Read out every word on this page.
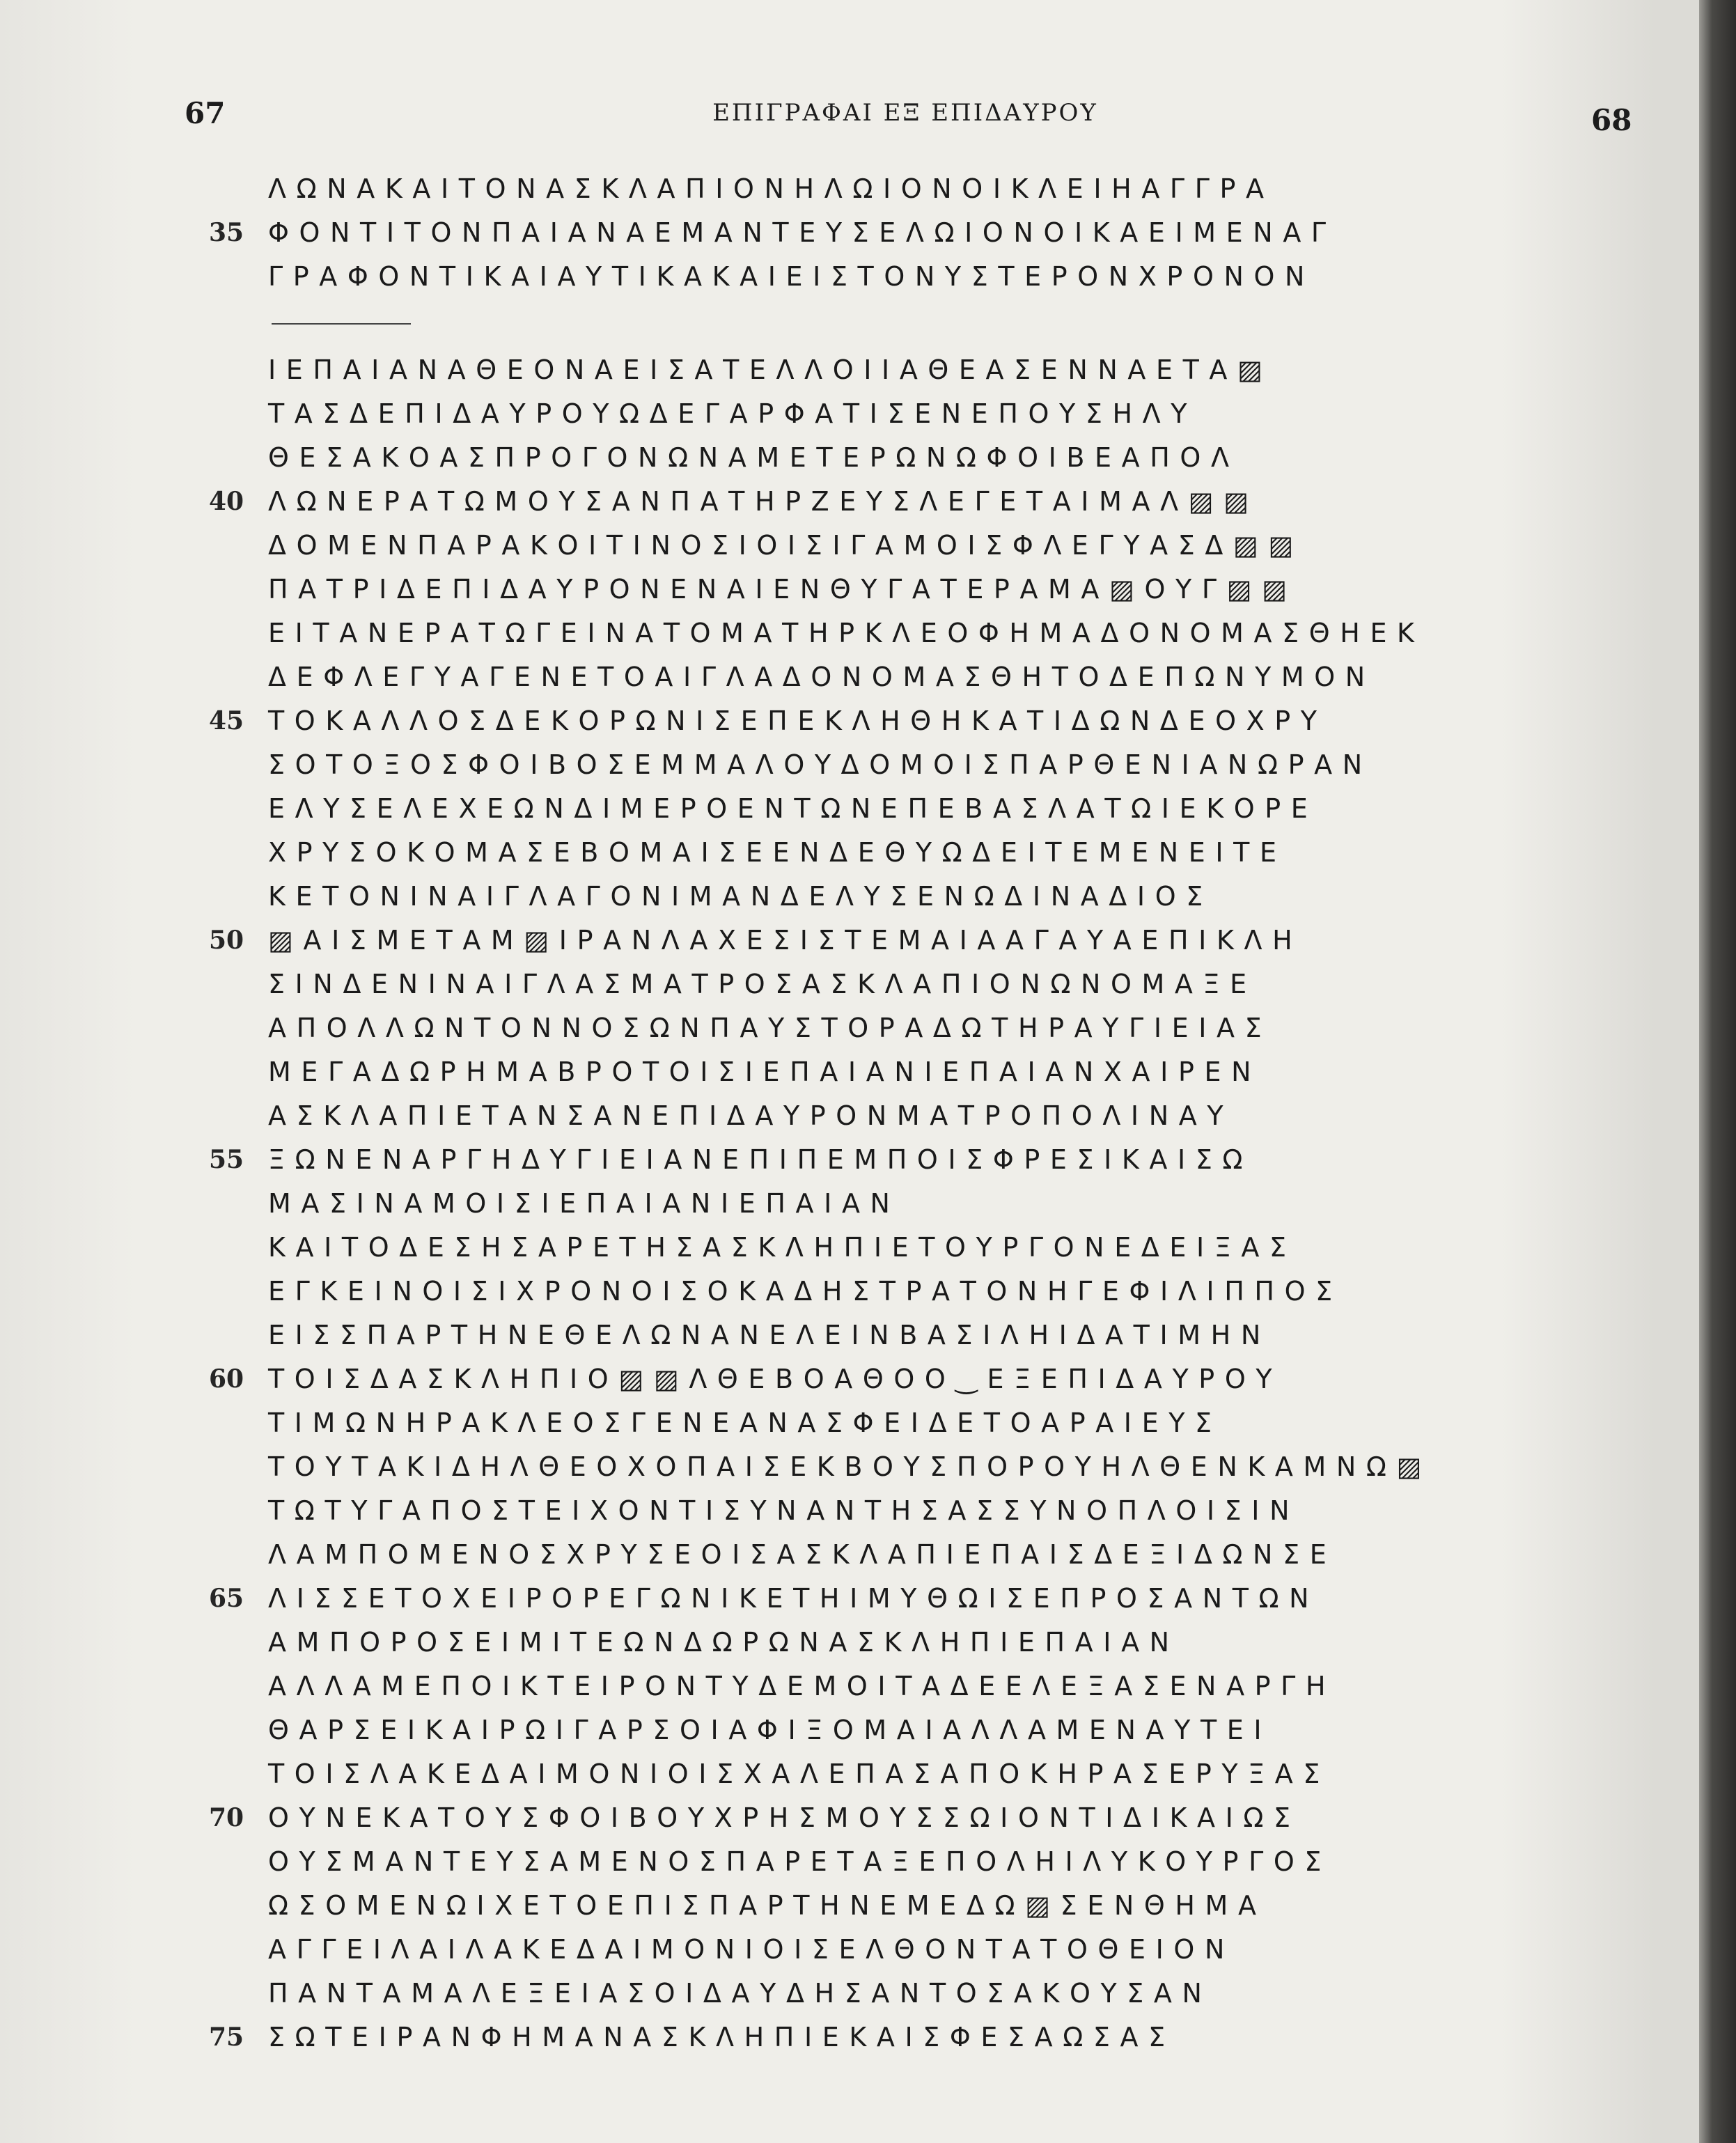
67	ΕΠΙΓΡΑΦΑΙ ΕΞ ΕΠΙΔΑΥΡΟΥ	68
ΛΩΝΑΚΑΙΤΟΝΑΣΚΛΑΠΙΟΝΗΛΩΙΟΝΟΙΚΛΕΙΗΑΓΓΡΑ
35 ΦΟΝΤΙΤΟΝΠΑΙΑΝΑΕΜΑΝΤΕΥΣΕΛΩΙΟΝΟΙΚΑΕΙΜΕΝΑΓ
ΓΡΑΦΟΝΤΙΚΑΙΑΥΤΙΚΑΚΑΙΕΙΣΤΟΝΥΣΤΕΡΟΝΧΡΟΝΟΝ
ΙΕΠΑΙΑΝΑΘΕΟΝΑΕΙΣΑΤΕΛΛΟΙΙΑΘΕΑΣΕΝΝΑΕΤΑ▨
ΤΑΣΔΕΠΙΔΑΥΡΟΥΩΔΕΓΑΡΦΑΤΙΣΕΝΕΠΟΥΣΗΛΥ
ΘΕΣΑΚΟΑΣΠΡΟΓΟΝΩΝΑΜΕΤΕΡΩΝΩΦΟΙΒΕΑΠΟΛ
40 ΛΩΝΕΡΑΤΩΜΟΥΣΑΝΠΑΤΗΡΖΕΥΣΛΕΓΕΤΑΙΜΑΛ▨▨
ΔΟΜΕΝΠΑΡΑΚΟΙΤΙΝΟΣΙΟΙΣΙΓΑΜΟΙΣΦΛΕΓΥΑΣΔ▨▨
ΠΑΤΡΙΔΕΠΙΔΑΥΡΟΝΕΝΑΙΕΝΘΥΓΑΤΕΡΑΜΑ▨ΟΥΓ▨▨
ΕΙΤΑΝΕΡΑΤΩΓΕΙΝΑΤΟΜΑΤΗΡΚΛΕΟΦΗΜΑΔΟΝΟΜΑΣΘΗΕΚ
ΔΕΦΛΕΓΥΑΓΕΝΕΤΟΑΙΓΛΑΔΟΝΟΜΑΣΘΗΤΟΔΕΠΩΝΥΜΟΝ
45 ΤΟΚΑΛΛΟΣΔΕΚΟΡΩΝΙΣΕΠΕΚΛΗΘΗΚΑΤΙΔΩΝΔΕΟΧΡΥ
ΣΟΤΟΞΟΣΦΟΙΒΟΣΕΜΜΑΛΟΥΔΟΜΟΙΣΠΑΡΘΕΝΙΑΝΩΡΑΝ
ΕΛΥΣΕΛΕΧΕΩΝΔΙΜΕΡΟΕΝΤΩΝΕΠΕΒΑΣΛΑΤΩΙΕΚΟΡΕ
ΧΡΥΣΟΚΟΜΑΣΕΒΟΜΑΙΣΕΕΝΔΕΘΥΩΔΕΙΤΕΜΕΝΕΙΤΕ
ΚΕΤΟΝΙΝΑΙΓΛΑΓΟΝΙΜΑΝΔΕΛΥΣΕΝΩΔΙΝΑΔΙΟΣ
50 ▨ΑΙΣΜΕΤΑΜ▨ΙΡΑΝΛΑΧΕΣΙΣΤΕΜΑΙΑΑΓΑΥΑΕΠΙΚΛΗ
ΣΙΝΔΕΝΙΝΑΙΓΛΑΣΜΑΤΡΟΣΑΣΚΛΑΠΙΟΝΩΝΟΜΑΞΕ
ΑΠΟΛΛΩΝΤΟΝΝΟΣΩΝΠΑΥΣΤΟΡΑΔΩΤΗΡΑΥΓΙΕΙΑΣ
ΜΕΓΑΔΩΡΗΜΑΒΡΟΤΟΙΣΙΕΠΑΙΑΝΙΕΠΑΙΑΝΧΑΙΡΕΝ
ΑΣΚΛΑΠΙΕΤΑΝΣΑΝΕΠΙΔΑΥΡΟΝΜΑΤΡΟΠΟΛΙΝΑΥ
55 ΞΩΝΕΝΑΡΓΗΔΥΓΙΕΙΑΝΕΠΙΠΕΜΠΟΙΣΦΡΕΣΙΚΑΙΣΩ
ΜΑΣΙΝΑΜΟΙΣΙΕΠΑΙΑΝΙΕΠΑΙΑΝ
ΚΑΙΤΟΔΕΣΗΣΑΡΕΤΗΣΑΣΚΛΗΠΙΕΤΟΥΡΓΟΝΕΔΕΙΞΑΣ
ΕΓΚΕΙΝΟΙΣΙΧΡΟΝΟΙΣΟΚΑΔΗΣΤΡΑΤΟΝΗΓΕΦΙΛΙΠΠΟΣ
ΕΙΣΣΠΑΡΤΗΝΕΘΕΛΩΝΑΝΕΛΕΙΝΒΑΣΙΛΗΙΔΑΤΙΜΗΝ
60 ΤΟΙΣΔΑΣΚΛΗΠΙΟ▨▨ΛΘΕΒΟΑΘΟΟ‿ΕΞΕΠΙΔΑΥΡΟΥ
ΤΙΜΩΝΗΡΑΚΛΕΟΣΓΕΝΕΑΝΑΣΦΕΙΔΕΤΟΑΡΑΙΕΥΣ
ΤΟΥΤΑΚΙΔΗΛΘΕΟΧΟΠΑΙΣΕΚΒΟΥΣΠΟΡΟΥΗΛΘΕΝΚΑΜΝΩ▨
ΤΩΤΥΓΑΠΟΣΤΕΙΧΟΝΤΙΣΥΝΑΝΤΗΣΑΣΣΥΝΟΠΛΟΙΣΙΝ
ΛΑΜΠΟΜΕΝΟΣΧΡΥΣΕΟΙΣΑΣΚΛΑΠΙΕΠΑΙΣΔΕΞΙΔΩΝΣΕ
65 ΛΙΣΣΕΤΟΧΕΙΡΟΡΕΓΩΝΙΚΕΤΗΙΜΥΘΩΙΣΕΠΡΟΣΑΝΤΩΝ
ΑΜΠΟΡΟΣΕΙΜΙΤΕΩΝΔΩΡΩΝΑΣΚΛΗΠΙΕΠΑΙΑΝ
ΑΛΛΑΜΕΠΟΙΚΤΕΙΡΟΝΤΥΔΕΜΟΙΤΑΔΕΕΛΕΞΑΣΕΝΑΡΓΗ
ΘΑΡΣΕΙΚΑΙΡΩΙΓΑΡΣΟΙΑΦΙΞΟΜΑΙΑΛΛΑΜΕΝΑΥΤΕΙ
ΤΟΙΣΛΑΚΕΔΑΙΜΟΝΙΟΙΣΧΑΛΕΠΑΣΑΠΟΚΗΡΑΣΕΡΥΞΑΣ
70 ΟΥΝΕΚΑΤΟΥΣΦΟΙΒΟΥΧΡΗΣΜΟΥΣΣΩΙΟΝΤΙΔΙΚΑΙΩΣ
ΟΥΣΜΑΝΤΕΥΣΑΜΕΝΟΣΠΑΡΕΤΑΞΕΠΟΛΗΙΛΥΚΟΥΡΓΟΣ
ΩΣΟΜΕΝΩΙΧΕΤΟΕΠΙΣΠΑΡΤΗΝΕΜΕΔΩ▨ΣΕΝΘΗΜΑ
ΑΓΓΕΙΛΑΙΛΑΚΕΔΑΙΜΟΝΙΟΙΣΕΛΘΟΝΤΑΤΟΘΕΙΟΝ
ΠΑΝΤΑΜΑΛΕΞΕΙΑΣΟΙΔΑΥΔΗΣΑΝΤΟΣΑΚΟΥΣΑΝ
75 ΣΩΤΕΙΡΑΝΦΗΜΑΝΑΣΚΛΗΠΙΕΚΑΙΣΦΕΣΑΩΣΑΣ
